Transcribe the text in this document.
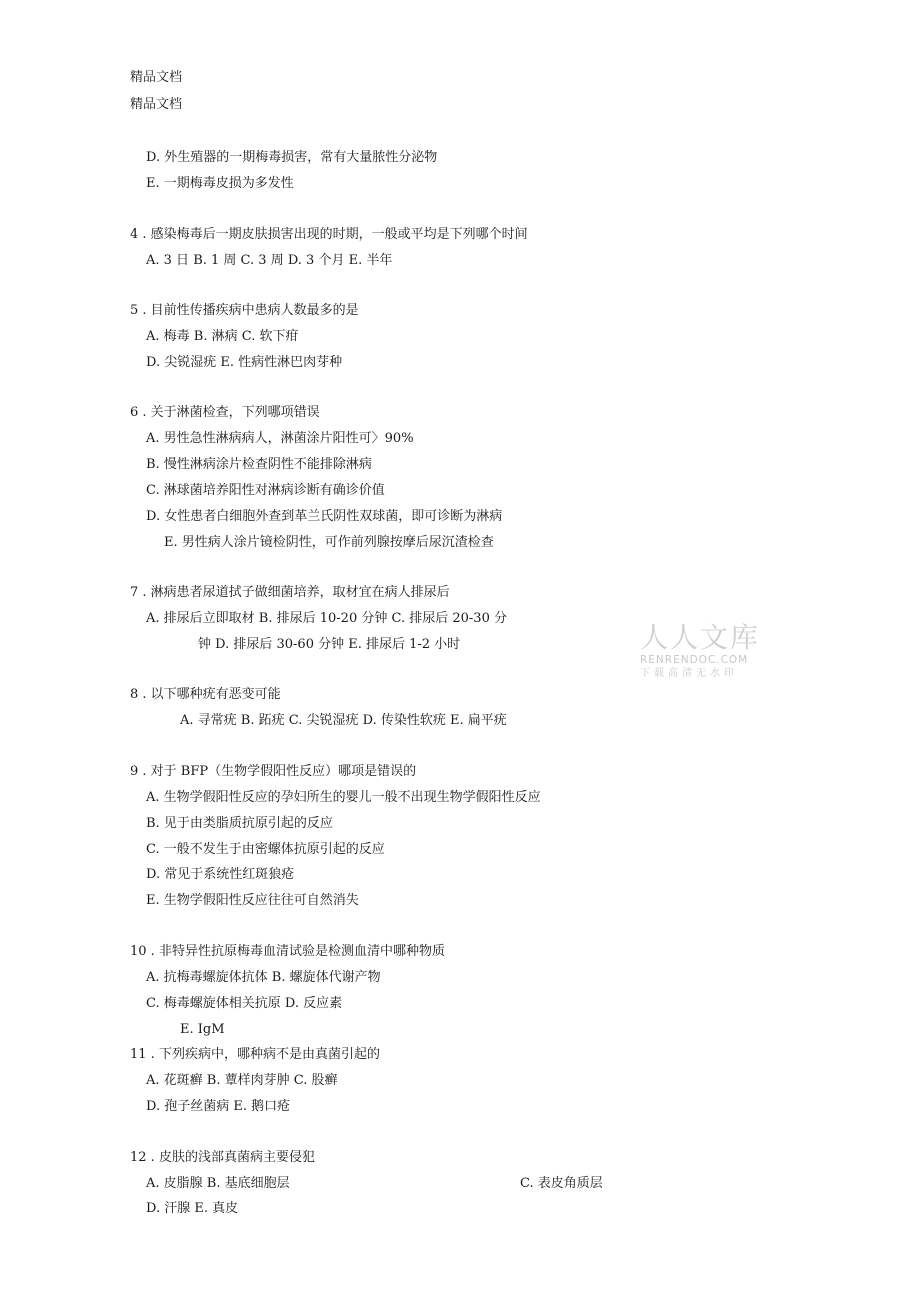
精品文档
精品文档
D. 外生殖器的一期梅毒损害，常有大量脓性分泌物
E. 一期梅毒皮损为多发性
4 . 感染梅毒后一期皮肤损害出现的时期，一般或平均是下列哪个时间
A. 3 日 B. 1 周 C. 3 周 D. 3 个月 E. 半年
5 . 目前性传播疾病中患病人数最多的是
A. 梅毒 B. 淋病 C. 软下疳
D. 尖锐湿疣 E. 性病性淋巴肉芽种
6 . 关于淋菌检查，下列哪项错误
A. 男性急性淋病病人，淋菌涂片阳性可〉90%
B. 慢性淋病涂片检查阴性不能排除淋病
C. 淋球菌培养阳性对淋病诊断有确诊价值
D. 女性患者白细胞外查到革兰氏阴性双球菌，即可诊断为淋病
E. 男性病人涂片镜检阴性，可作前列腺按摩后尿沉渣检查
7 . 淋病患者尿道拭子做细菌培养，取材宜在病人排尿后
A. 排尿后立即取材 B. 排尿后 10-20 分钟 C. 排尿后 20-30 分
钟 D. 排尿后 30-60 分钟 E. 排尿后 1-2 小时
8 . 以下哪种疣有恶变可能
A. 寻常疣 B. 跖疣 C. 尖锐湿疣 D. 传染性软疣 E. 扁平疣
9 . 对于 BFP（生物学假阳性反应）哪项是错误的
A. 生物学假阳性反应的孕妇所生的婴儿一般不出现生物学假阳性反应
B. 见于由类脂质抗原引起的反应
C. 一般不发生于由密螺体抗原引起的反应
D. 常见于系统性红斑狼疮
E. 生物学假阳性反应往往可自然消失
10 . 非特异性抗原梅毒血清试验是检测血清中哪种物质
A. 抗梅毒螺旋体抗体 B. 螺旋体代谢产物
C. 梅毒螺旋体相关抗原 D. 反应素
E. IgM
11 . 下列疾病中，哪种病不是由真菌引起的
A. 花斑癣 B. 蕈样肉芽肿 C. 股癣
D. 孢子丝菌病 E. 鹅口疮
12 . 皮肤的浅部真菌病主要侵犯
A. 皮脂腺 B. 基底细胞层	C. 表皮角质层
D. 汗腺 E. 真皮
人人文库
RENRENDOC.COM
下载高清无水印
